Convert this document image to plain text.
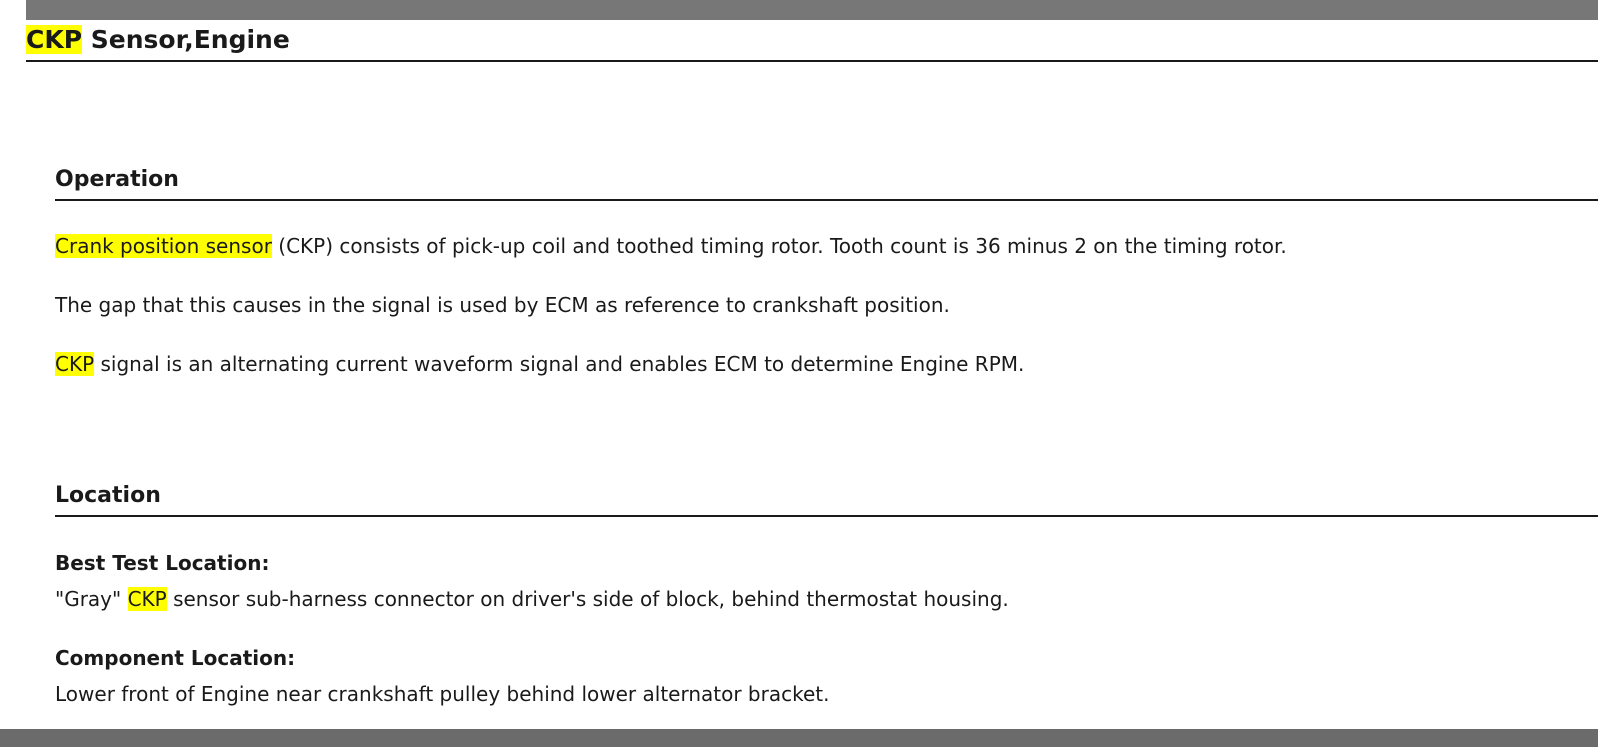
CKP Sensor,Engine
Operation
Crank position sensor (CKP) consists of pick-up coil and toothed timing rotor. Tooth count is 36 minus 2 on the timing rotor.
The gap that this causes in the signal is used by ECM as reference to crankshaft position.
CKP signal is an alternating current waveform signal and enables ECM to determine Engine RPM.
Location
Best Test Location:
"Gray" CKP sensor sub-harness connector on driver's side of block, behind thermostat housing.
Component Location:
Lower front of Engine near crankshaft pulley behind lower alternator bracket.
